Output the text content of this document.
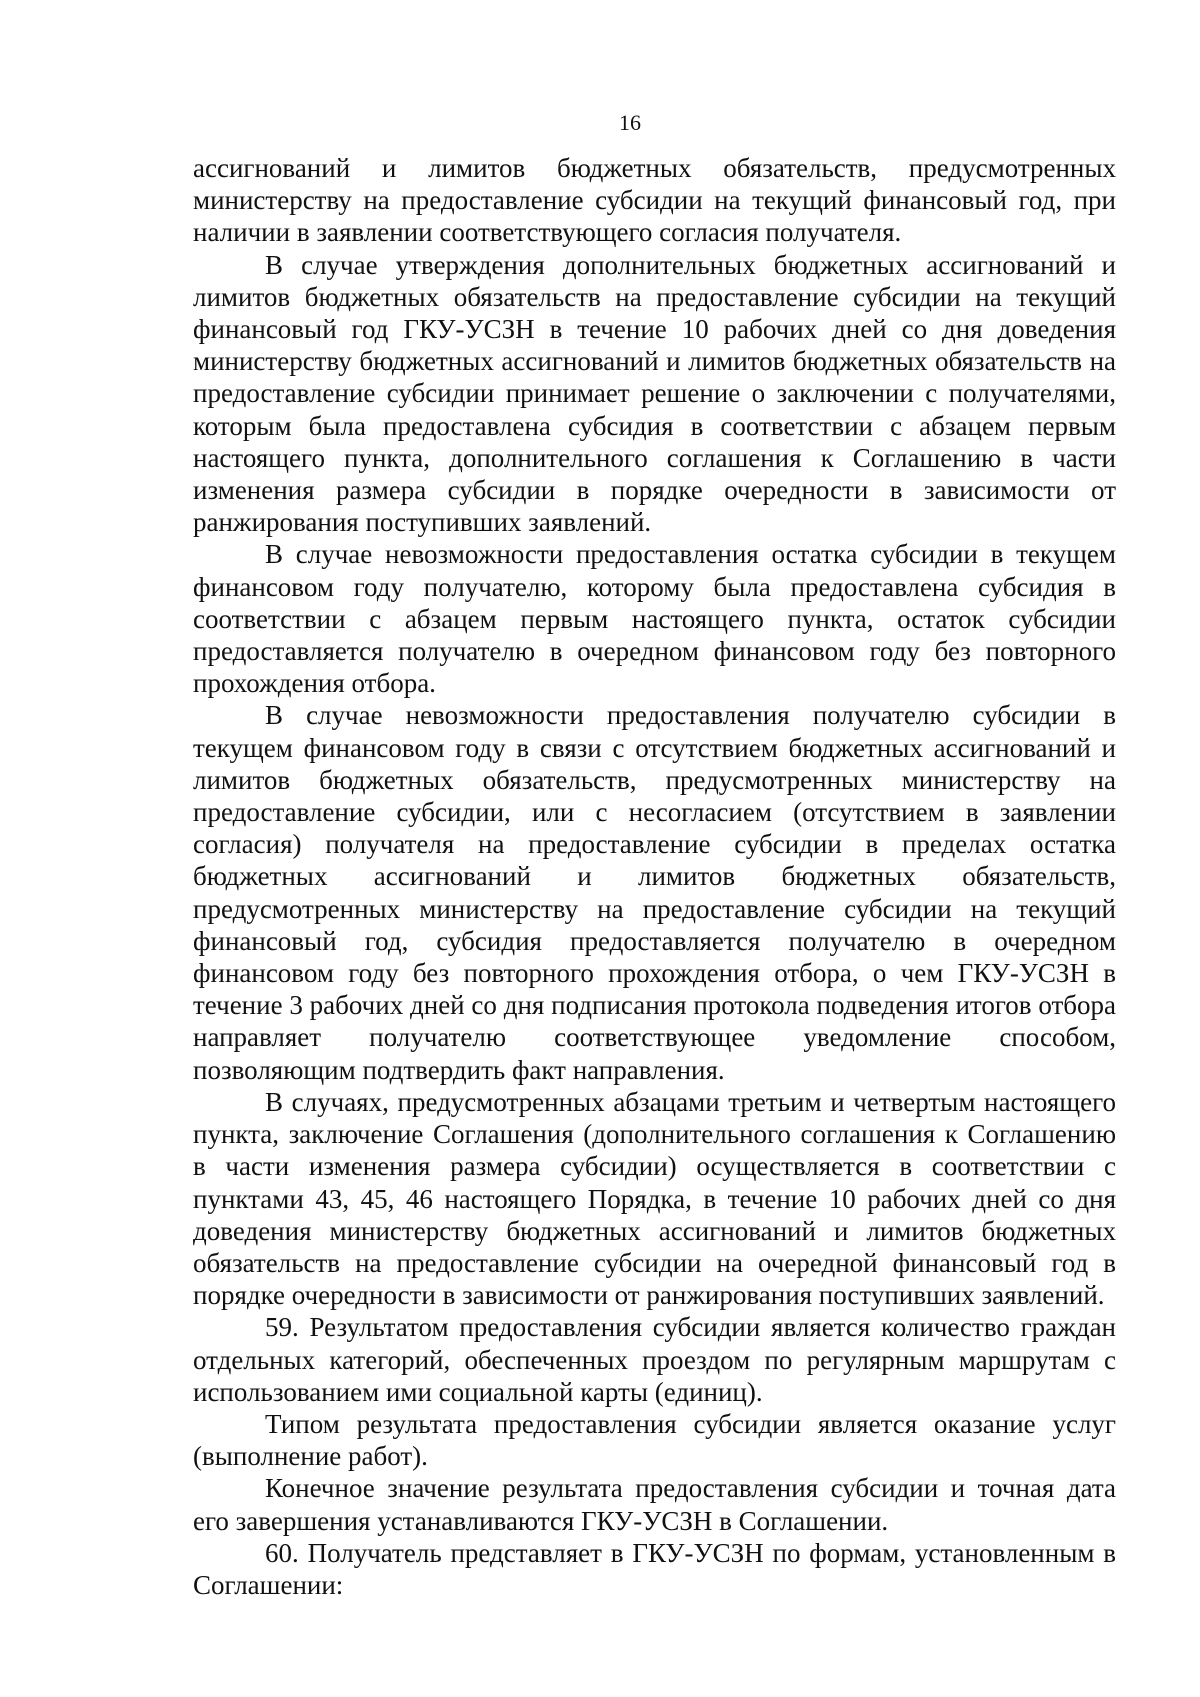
16

ассигнований и лимитов бюджетных обязательств, предусмотренных министерству на предоставление субсидии на текущий финансовый год, при наличии в заявлении соответствующего согласия получателя.

В случае утверждения дополнительных бюджетных ассигнований и лимитов бюджетных обязательств на предоставление субсидии на текущий финансовый год ГКУ-УСЗН в течение 10 рабочих дней со дня доведения министерству бюджетных ассигнований и лимитов бюджетных обязательств на предоставление субсидии принимает решение о заключении с получателями, которым была предоставлена субсидия в соответствии с абзацем первым настоящего пункта, дополнительного соглашения к Соглашению в части изменения размера субсидии в порядке очередности в зависимости от ранжирования поступивших заявлений.

В случае невозможности предоставления остатка субсидии в текущем финансовом году получателю, которому была предоставлена субсидия в соответствии с абзацем первым настоящего пункта, остаток субсидии предоставляется получателю в очередном финансовом году без повторного прохождения отбора.

В случае невозможности предоставления получателю субсидии в текущем финансовом году в связи с отсутствием бюджетных ассигнований и лимитов бюджетных обязательств, предусмотренных министерству на предоставление субсидии, или с несогласием (отсутствием в заявлении согласия) получателя на предоставление субсидии в пределах остатка бюджетных ассигнований и лимитов бюджетных обязательств, предусмотренных министерству на предоставление субсидии на текущий финансовый год, субсидия предоставляется получателю в очередном финансовом году без повторного прохождения отбора, о чем ГКУ-УСЗН в течение 3 рабочих дней со дня подписания протокола подведения итогов отбора направляет получателю соответствующее уведомление способом, позволяющим подтвердить факт направления.

В случаях, предусмотренных абзацами третьим и четвертым настоящего пункта, заключение Соглашения (дополнительного соглашения к Соглашению в части изменения размера субсидии) осуществляется в соответствии с пунктами 43, 45, 46 настоящего Порядка, в течение 10 рабочих дней со дня доведения министерству бюджетных ассигнований и лимитов бюджетных обязательств на предоставление субсидии на очередной финансовый год в порядке очередности в зависимости от ранжирования поступивших заявлений.

59. Результатом предоставления субсидии является количество граждан отдельных категорий, обеспеченных проездом по регулярным маршрутам с использованием ими социальной карты (единиц).

Типом результата предоставления субсидии является оказание услуг (выполнение работ).

Конечное значение результата предоставления субсидии и точная дата его завершения устанавливаются ГКУ-УСЗН в Соглашении.

60. Получатель представляет в ГКУ-УСЗН по формам, установленным в Соглашении:
